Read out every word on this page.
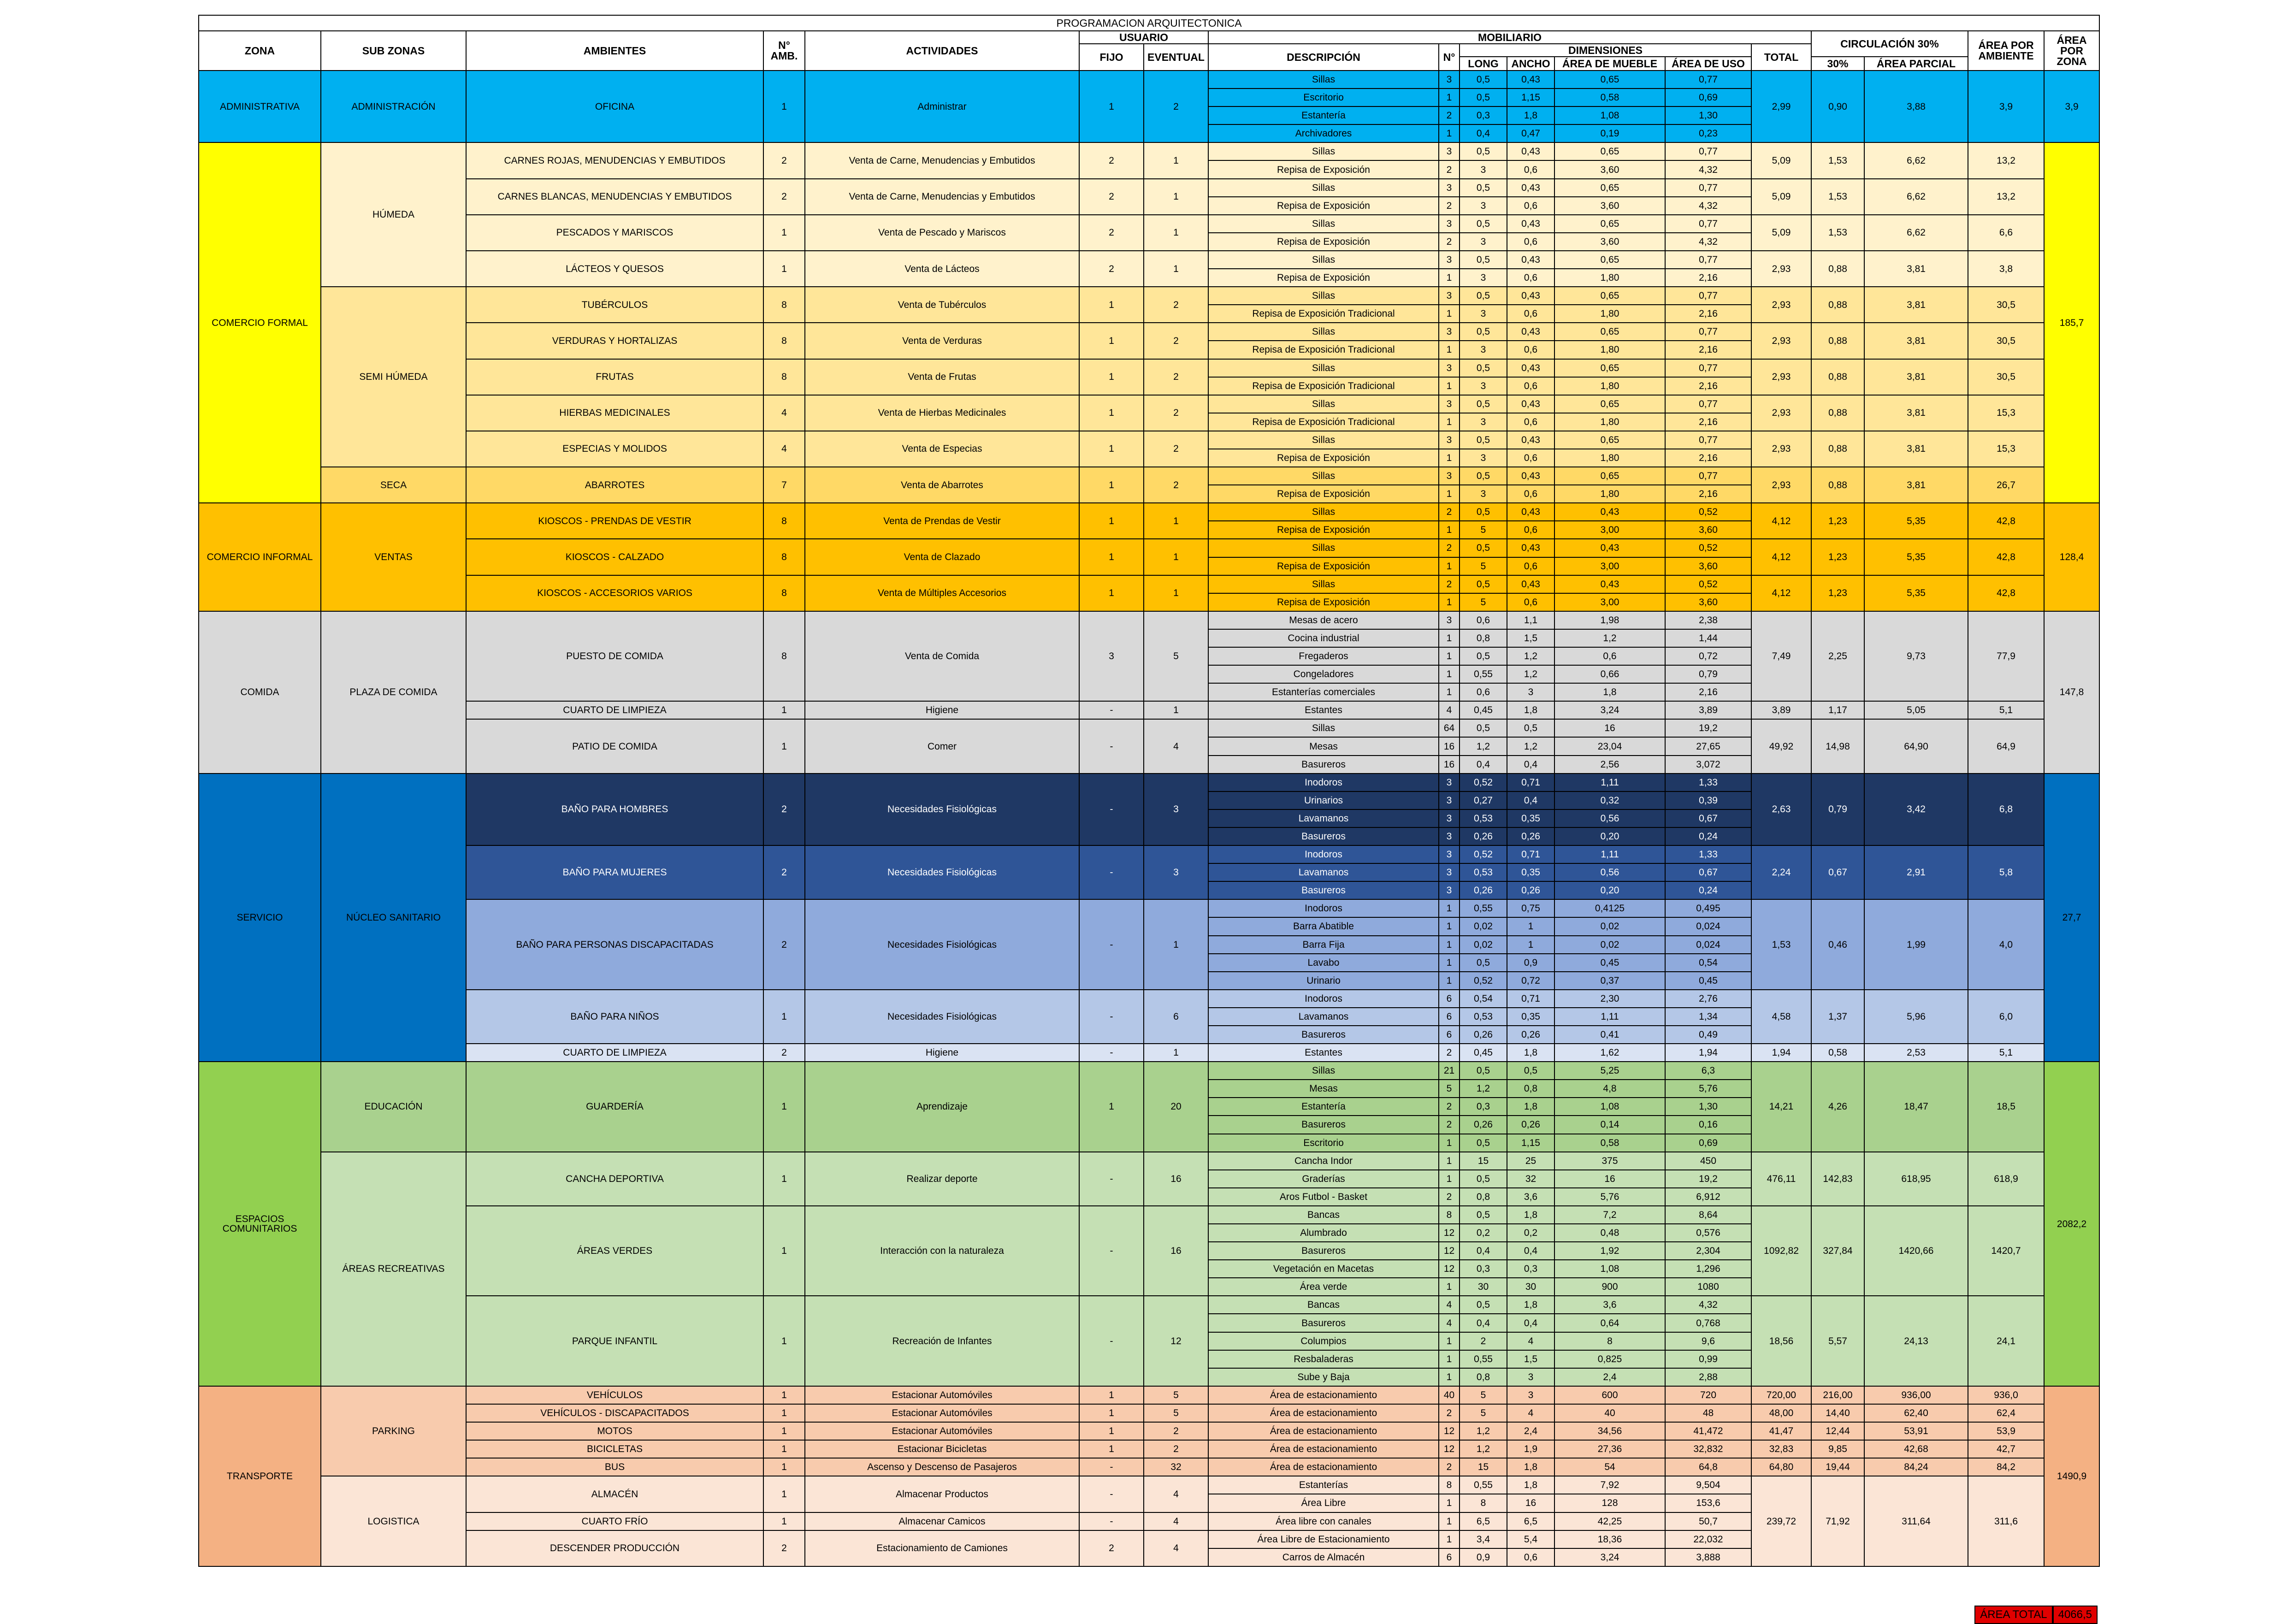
PROGRAMACION ARQUITECTONICA																	
ZONA	SUB ZONAS	AMBIENTES	N° AMB.	ACTIVIDADES	USUARIO		MOBILIARIO							CIRCULACIÓN 30%		ÁREA POR AMBIENTE	ÁREA POR ZONA
					FIJO	EVENTUAL	DESCRIPCIÓN	N°	DIMENSIONES				TOTAL				
									LONG	ANCHO	ÁREA DE MUEBLE	ÁREA DE USO		30%	ÁREA PARCIAL		
ADMINISTRATIVA	ADMINISTRACIÓN	OFICINA	1	Administrar	1	2	Sillas	3	0,5	0,43	0,65	0,77	2,99	0,90	3,88	3,9	3,9
							Escritorio	1	0,5	1,15	0,58	0,69					
							Estantería	2	0,3	1,8	1,08	1,30					
							Archivadores	1	0,4	0,47	0,19	0,23					
COMERCIO FORMAL	HÚMEDA	CARNES ROJAS, MENUDENCIAS Y EMBUTIDOS	2	Venta de Carne, Menudencias y Embutidos	2	1	Sillas	3	0,5	0,43	0,65	0,77	5,09	1,53	6,62	13,2	185,7
							Repisa de Exposición	2	3	0,6	3,60	4,32					
		CARNES BLANCAS, MENUDENCIAS Y EMBUTIDOS	2	Venta de Carne, Menudencias y Embutidos	2	1	Sillas	3	0,5	0,43	0,65	0,77	5,09	1,53	6,62	13,2	
							Repisa de Exposición	2	3	0,6	3,60	4,32					
		PESCADOS Y MARISCOS	1	Venta de Pescado y Mariscos	2	1	Sillas	3	0,5	0,43	0,65	0,77	5,09	1,53	6,62	6,6	
							Repisa de Exposición	2	3	0,6	3,60	4,32					
		LÁCTEOS Y QUESOS	1	Venta de Lácteos	2	1	Sillas	3	0,5	0,43	0,65	0,77	2,93	0,88	3,81	3,8	
							Repisa de Exposición	1	3	0,6	1,80	2,16					
	SEMI HÚMEDA	TUBÉRCULOS	8	Venta de Tubérculos	1	2	Sillas	3	0,5	0,43	0,65	0,77	2,93	0,88	3,81	30,5	
							Repisa de Exposición Tradicional	1	3	0,6	1,80	2,16					
		VERDURAS Y HORTALIZAS	8	Venta de Verduras	1	2	Sillas	3	0,5	0,43	0,65	0,77	2,93	0,88	3,81	30,5	
							Repisa de Exposición Tradicional	1	3	0,6	1,80	2,16					
		FRUTAS	8	Venta de Frutas	1	2	Sillas	3	0,5	0,43	0,65	0,77	2,93	0,88	3,81	30,5	
							Repisa de Exposición Tradicional	1	3	0,6	1,80	2,16					
		HIERBAS MEDICINALES	4	Venta de Hierbas Medicinales	1	2	Sillas	3	0,5	0,43	0,65	0,77	2,93	0,88	3,81	15,3	
							Repisa de Exposición Tradicional	1	3	0,6	1,80	2,16					
		ESPECIAS Y MOLIDOS	4	Venta de Especias	1	2	Sillas	3	0,5	0,43	0,65	0,77	2,93	0,88	3,81	15,3	
							Repisa de Exposición	1	3	0,6	1,80	2,16					
	SECA	ABARROTES	7	Venta de Abarrotes	1	2	Sillas	3	0,5	0,43	0,65	0,77	2,93	0,88	3,81	26,7	
							Repisa de Exposición	1	3	0,6	1,80	2,16					
COMERCIO INFORMAL	VENTAS	KIOSCOS - PRENDAS DE VESTIR	8	Venta de Prendas de Vestir	1	1	Sillas	2	0,5	0,43	0,43	0,52	4,12	1,23	5,35	42,8	128,4
							Repisa de Exposición	1	5	0,6	3,00	3,60					
		KIOSCOS - CALZADO	8	Venta de Clazado	1	1	Sillas	2	0,5	0,43	0,43	0,52	4,12	1,23	5,35	42,8	
							Repisa de Exposición	1	5	0,6	3,00	3,60					
		KIOSCOS - ACCESORIOS VARIOS	8	Venta de Múltiples Accesorios	1	1	Sillas	2	0,5	0,43	0,43	0,52	4,12	1,23	5,35	42,8	
							Repisa de Exposición	1	5	0,6	3,00	3,60					
COMIDA	PLAZA DE COMIDA	PUESTO DE COMIDA	8	Venta de Comida	3	5	Mesas de acero	3	0,6	1,1	1,98	2,38	7,49	2,25	9,73	77,9	147,8
							Cocina industrial	1	0,8	1,5	1,2	1,44					
							Fregaderos	1	0,5	1,2	0,6	0,72					
							Congeladores	1	0,55	1,2	0,66	0,79					
							Estanterías comerciales	1	0,6	3	1,8	2,16					
		CUARTO DE LIMPIEZA	1	Higiene	-	1	Estantes	4	0,45	1,8	3,24	3,89	3,89	1,17	5,05	5,1	
		PATIO DE COMIDA	1	Comer	-	4	Sillas	64	0,5	0,5	16	19,2	49,92	14,98	64,90	64,9	
							Mesas	16	1,2	1,2	23,04	27,65					
							Basureros	16	0,4	0,4	2,56	3,072					
SERVICIO	NÚCLEO SANITARIO	BAÑO PARA HOMBRES	2	Necesidades Fisiológicas	-	3	Inodoros	3	0,52	0,71	1,11	1,33	2,63	0,79	3,42	6,8	27,7
							Urinarios	3	0,27	0,4	0,32	0,39					
							Lavamanos	3	0,53	0,35	0,56	0,67					
							Basureros	3	0,26	0,26	0,20	0,24					
		BAÑO PARA MUJERES	2	Necesidades Fisiológicas	-	3	Inodoros	3	0,52	0,71	1,11	1,33	2,24	0,67	2,91	5,8	
							Lavamanos	3	0,53	0,35	0,56	0,67					
							Basureros	3	0,26	0,26	0,20	0,24					
		BAÑO PARA PERSONAS DISCAPACITADAS	2	Necesidades Fisiológicas	-	1	Inodoros	1	0,55	0,75	0,4125	0,495	1,53	0,46	1,99	4,0	
							Barra Abatible	1	0,02	1	0,02	0,024					
							Barra Fija	1	0,02	1	0,02	0,024					
							Lavabo	1	0,5	0,9	0,45	0,54					
							Urinario	1	0,52	0,72	0,37	0,45					
		BAÑO PARA NIÑOS	1	Necesidades Fisiológicas	-	6	Inodoros	6	0,54	0,71	2,30	2,76	4,58	1,37	5,96	6,0	
							Lavamanos	6	0,53	0,35	1,11	1,34					
							Basureros	6	0,26	0,26	0,41	0,49					
		CUARTO DE LIMPIEZA	2	Higiene	-	1	Estantes	2	0,45	1,8	1,62	1,94	1,94	0,58	2,53	5,1	
ESPACIOS COMUNITARIOS	EDUCACIÓN	GUARDERÍA	1	Aprendizaje	1	20	Sillas	21	0,5	0,5	5,25	6,3	14,21	4,26	18,47	18,5	2082,2
							Mesas	5	1,2	0,8	4,8	5,76					
							Estantería	2	0,3	1,8	1,08	1,30					
							Basureros	2	0,26	0,26	0,14	0,16					
							Escritorio	1	0,5	1,15	0,58	0,69					
	ÁREAS RECREATIVAS	CANCHA DEPORTIVA	1	Realizar deporte	-	16	Cancha Indor	1	15	25	375	450	476,11	142,83	618,95	618,9	
							Graderías	1	0,5	32	16	19,2					
							Aros Futbol - Basket	2	0,8	3,6	5,76	6,912					
		ÁREAS VERDES	1	Interacción con la naturaleza	-	16	Bancas	8	0,5	1,8	7,2	8,64	1092,82	327,84	1420,66	1420,7	
							Alumbrado	12	0,2	0,2	0,48	0,576					
							Basureros	12	0,4	0,4	1,92	2,304					
							Vegetación en Macetas	12	0,3	0,3	1,08	1,296					
							Área verde	1	30	30	900	1080					
		PARQUE INFANTIL	1	Recreación de Infantes	-	12	Bancas	4	0,5	1,8	3,6	4,32	18,56	5,57	24,13	24,1	
							Basureros	4	0,4	0,4	0,64	0,768					
							Columpios	1	2	4	8	9,6					
							Resbaladeras	1	0,55	1,5	0,825	0,99					
							Sube y Baja	1	0,8	3	2,4	2,88					
TRANSPORTE	PARKING	VEHÍCULOS	1	Estacionar Automóviles	1	5	Área de estacionamiento	40	5	3	600	720	720,00	216,00	936,00	936,0	1490,9
		VEHÍCULOS - DISCAPACITADOS	1	Estacionar Automóviles	1	5	Área de estacionamiento	2	5	4	40	48	48,00	14,40	62,40	62,4	
		MOTOS	1	Estacionar Automóviles	1	2	Área de estacionamiento	12	1,2	2,4	34,56	41,472	41,47	12,44	53,91	53,9	
		BICICLETAS	1	Estacionar Bicicletas	1	2	Área de estacionamiento	12	1,2	1,9	27,36	32,832	32,83	9,85	42,68	42,7	
		BUS	1	Ascenso y Descenso de Pasajeros	-	32	Área de estacionamiento	2	15	1,8	54	64,8	64,80	19,44	84,24	84,2	
	LOGISTICA	ALMACÉN	1	Almacenar Productos	-	4	Estanterías	8	0,55	1,8	7,92	9,504	239,72	71,92	311,64	311,6	
							Área Libre	1	8	16	128	153,6					
		CUARTO FRÍO	1	Almacenar Camicos	-	4	Área libre con canales	1	6,5	6,5	42,25	50,7					
		DESCENDER PRODUCCIÓN	2	Estacionamiento de Camiones	2	4	Área Libre de Estacionamiento	1	3,4	5,4	18,36	22,032					
							Carros de Almacén	6	0,9	0,6	3,24	3,888					
ÁREA TOTAL	4066,5
